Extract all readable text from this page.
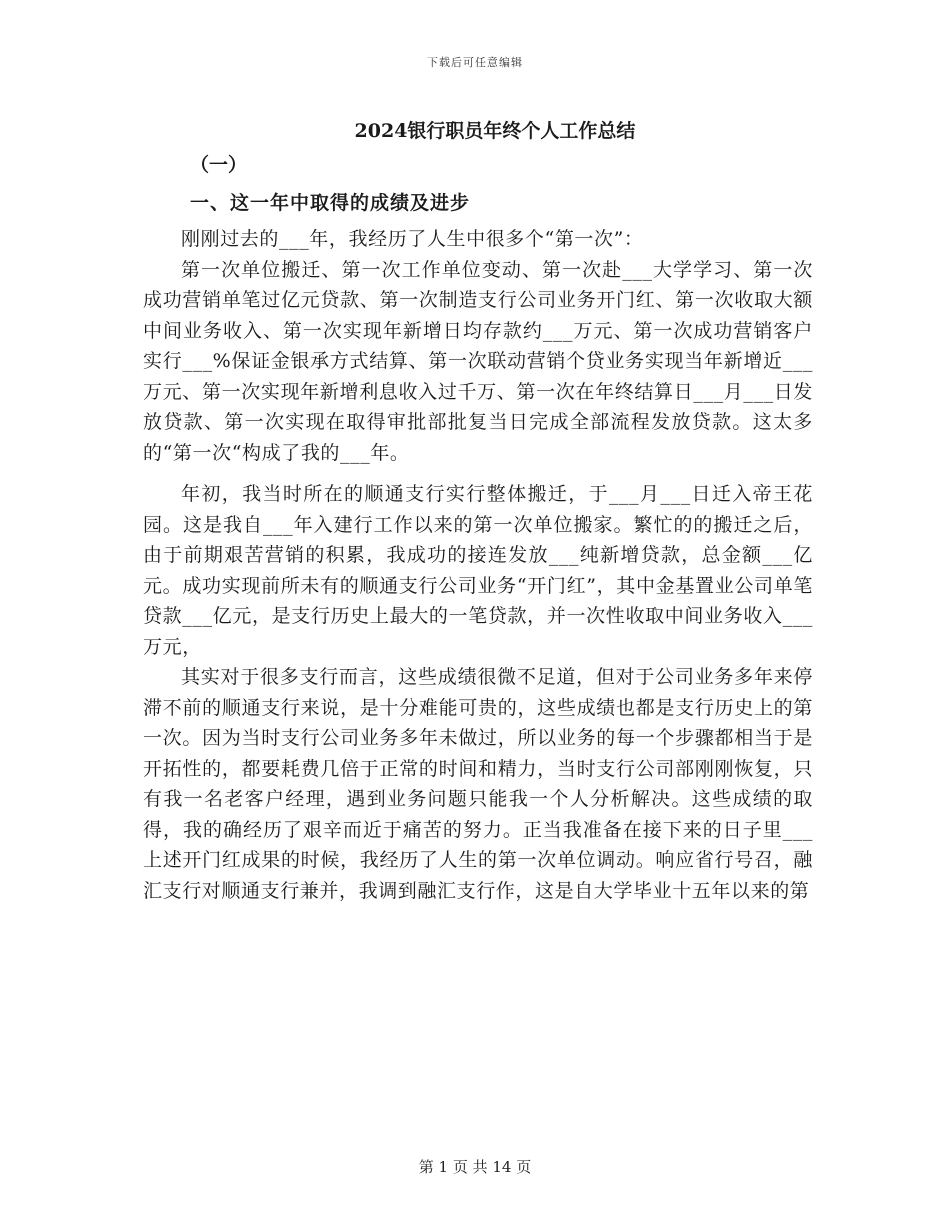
下载后可任意编辑
2024银行职员年终个人工作总结
（一）
一、这一年中取得的成绩及进步

刚刚过去的___年，我经历了人生中很多个“第一次”：

第一次单位搬迁、第一次工作单位变动、第一次赴___大学学习、第一次成功营销单笔过亿元贷款、第一次制造支行公司业务开门红、第一次收取大额中间业务收入、第一次实现年新增日均存款约___万元、第一次成功营销客户实行___%保证金银承方式结算、第一次联动营销个贷业务实现当年新增近___万元、第一次实现年新增利息收入过千万、第一次在年终结算日___月___日发放贷款、第一次实现在取得审批部批复当日完成全部流程发放贷款。这太多的“第一次“构成了我的___年。

年初，我当时所在的顺通支行实行整体搬迁，于___月___日迁入帝王花园。这是我自___年入建行工作以来的第一次单位搬家。繁忙的的搬迁之后，由于前期艰苦营销的积累，我成功的接连发放___纯新增贷款，总金额___亿元。成功实现前所未有的顺通支行公司业务“开门红”，其中金基置业公司单笔贷款___亿元，是支行历史上最大的一笔贷款，并一次性收取中间业务收入___万元，

其实对于很多支行而言，这些成绩很微不足道，但对于公司业务多年来停滞不前的顺通支行来说，是十分难能可贵的，这些成绩也都是支行历史上的第一次。因为当时支行公司业务多年未做过，所以业务的每一个步骤都相当于是开拓性的，都要耗费几倍于正常的时间和精力，当时支行公司部刚刚恢复，只有我一名老客户经理，遇到业务问题只能我一个人分析解决。这些成绩的取得，我的确经历了艰辛而近于痛苦的努力。正当我准备在接下来的日子里___上述开门红成果的时候，我经历了人生的第一次单位调动。响应省行号召，融汇支行对顺通支行兼并，我调到融汇支行作，这是自大学毕业十五年以来的第

第 1 页 共 14 页
